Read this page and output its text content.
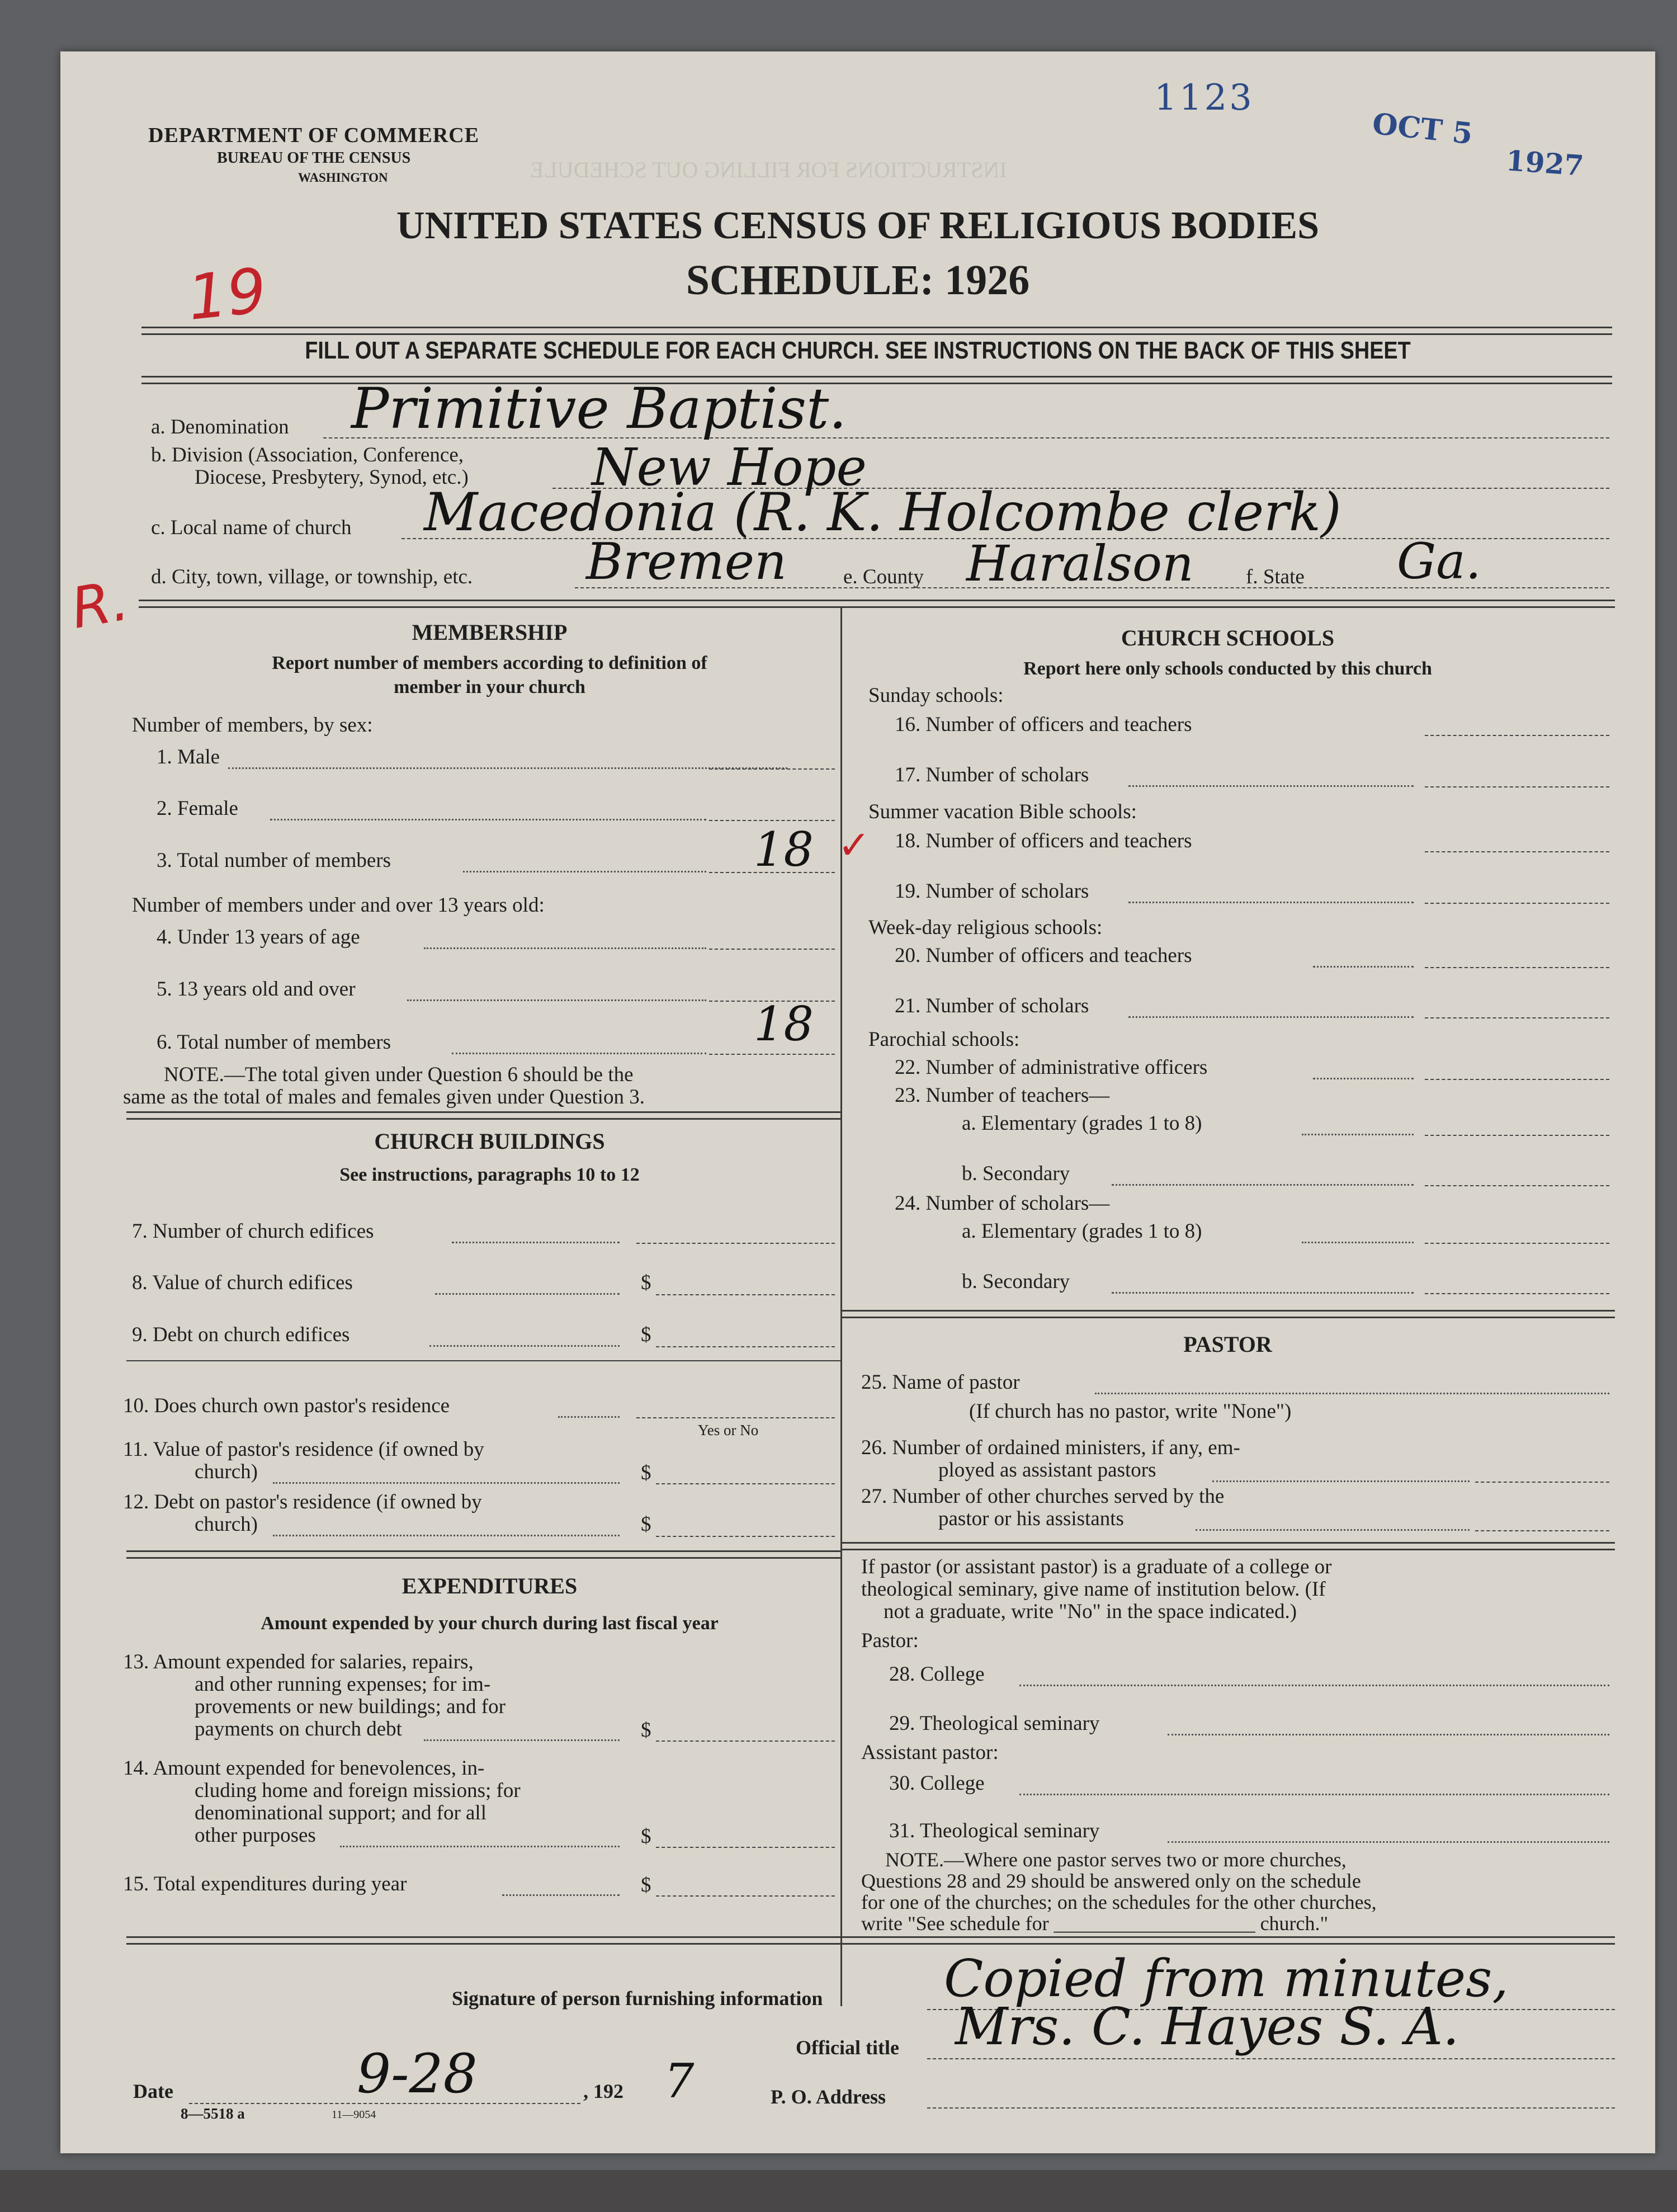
INSTRUCTIONS FOR FILLING OUT SCHEDULE
DEPARTMENT OF COMMERCE
BUREAU OF THE CENSUS
WASHINGTON
1123
OCT 5
1927
UNITED STATES CENSUS OF RELIGIOUS BODIES
SCHEDULE: 1926
19
FILL OUT A SEPARATE SCHEDULE FOR EACH CHURCH. SEE INSTRUCTIONS ON THE BACK OF THIS SHEET
a. Denomination Primitive Baptist.
b. Division (Association, Conference,
Diocese, Presbytery, Synod, etc.) New Hope
c. Local name of church Macedonia (R. K. Holcombe clerk)
R. d. City, town, village, or township, etc. Bremen	e. County Haralson	f. State Ga.
MEMBERSHIP
Report number of members according to definition of
member in your church
Number of members, by sex:
1. Male
2. Female
3. Total number of members	18 ✓
Number of members under and over 13 years old:
4. Under 13 years of age
5. 13 years old and over
6. Total number of members	18
NOTE.—The total given under Question 6 should be the
same as the total of males and females given under Question 3.
CHURCH BUILDINGS
See instructions, paragraphs 10 to 12
7. Number of church edifices
8. Value of church edifices	$
9. Debt on church edifices	$
10. Does church own pastor's residence
Yes or No
11. Value of pastor's residence (if owned by
church)	$
12. Debt on pastor's residence (if owned by
church)	$
EXPENDITURES
Amount expended by your church during last fiscal year
13. Amount expended for salaries, repairs,
and other running expenses; for im-
provements or new buildings; and for
payments on church debt	$
14. Amount expended for benevolences, in-
cluding home and foreign missions; for
denominational support; and for all
other purposes	$
15. Total expenditures during year	$
CHURCH SCHOOLS
Report here only schools conducted by this church
Sunday schools:
16. Number of officers and teachers
17. Number of scholars
Summer vacation Bible schools:
18. Number of officers and teachers
19. Number of scholars
Week-day religious schools:
20. Number of officers and teachers
21. Number of scholars
Parochial schools:
22. Number of administrative officers
23. Number of teachers—
a. Elementary (grades 1 to 8)
b. Secondary
24. Number of scholars—
a. Elementary (grades 1 to 8)
b. Secondary
PASTOR
25. Name of pastor
(If church has no pastor, write "None")
26. Number of ordained ministers, if any, em-
ployed as assistant pastors
27. Number of other churches served by the
pastor or his assistants
If pastor (or assistant pastor) is a graduate of a college or
theological seminary, give name of institution below. (If
not a graduate, write "No" in the space indicated.)
Pastor:
28. College
29. Theological seminary
Assistant pastor:
30. College
31. Theological seminary
NOTE.—Where one pastor serves two or more churches,
Questions 28 and 29 should be answered only on the schedule
for one of the churches; on the schedules for the other churches,
write "See schedule for ____________________ church."
Signature of person furnishing information Copied from minutes,
Official title Mrs. C. Hayes S. A.
Date	9-28	, 192 7	P. O. Address
8—5518 a	11—9054
